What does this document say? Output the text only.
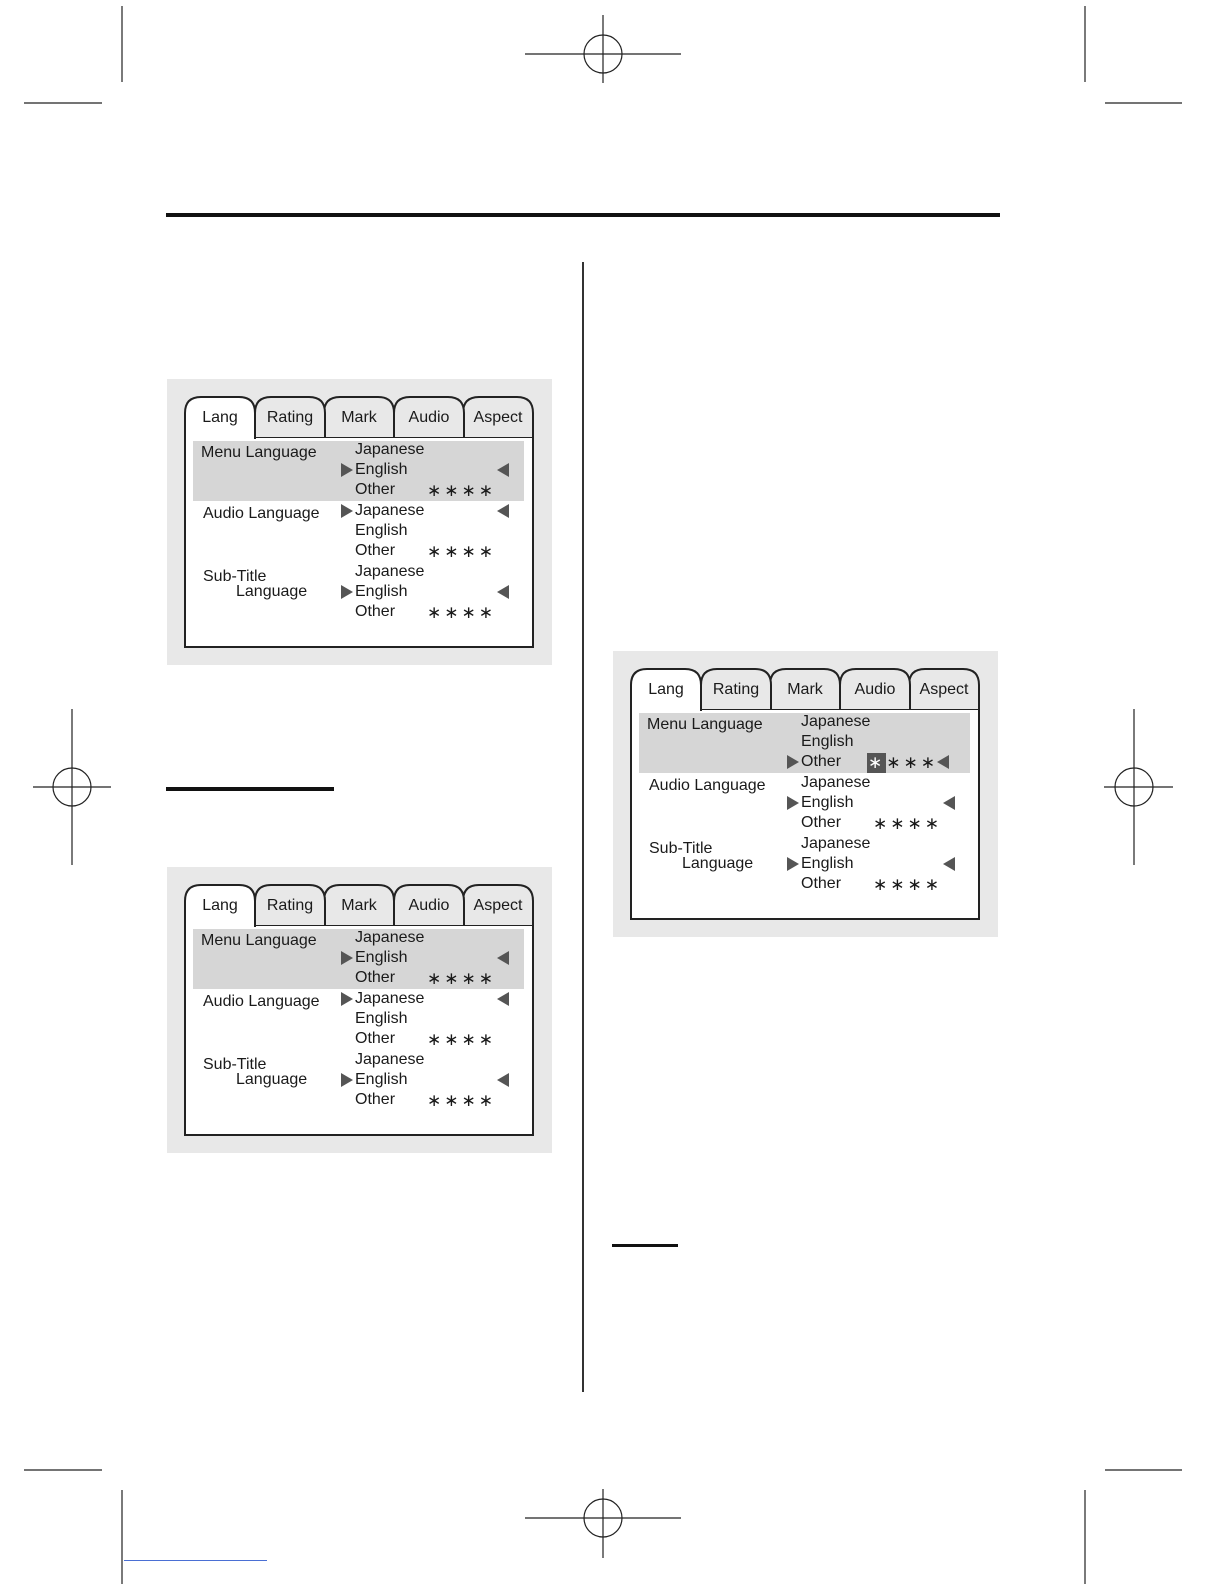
Lang	Rating	Mark	Audio	Aspect
Menu Language Japanese
English
Other ∗∗∗∗
Audio Language Japanese
English
Other ∗∗∗∗
Sub-Title
Language
Japanese
English
Other ∗∗∗∗
Lang	Rating	Mark	Audio	Aspect
Menu Language Japanese
English
Other ∗∗∗∗
Audio Language Japanese
English
Other ∗∗∗∗
Sub-Title
Language
Japanese
English
Other ∗∗∗∗
Lang	Rating	Mark	Audio	Aspect
Menu Language Japanese
English
Other ∗∗∗∗
Audio Language Japanese
English
Other ∗∗∗∗
Sub-Title
Language
Japanese
English
Other ∗∗∗∗
